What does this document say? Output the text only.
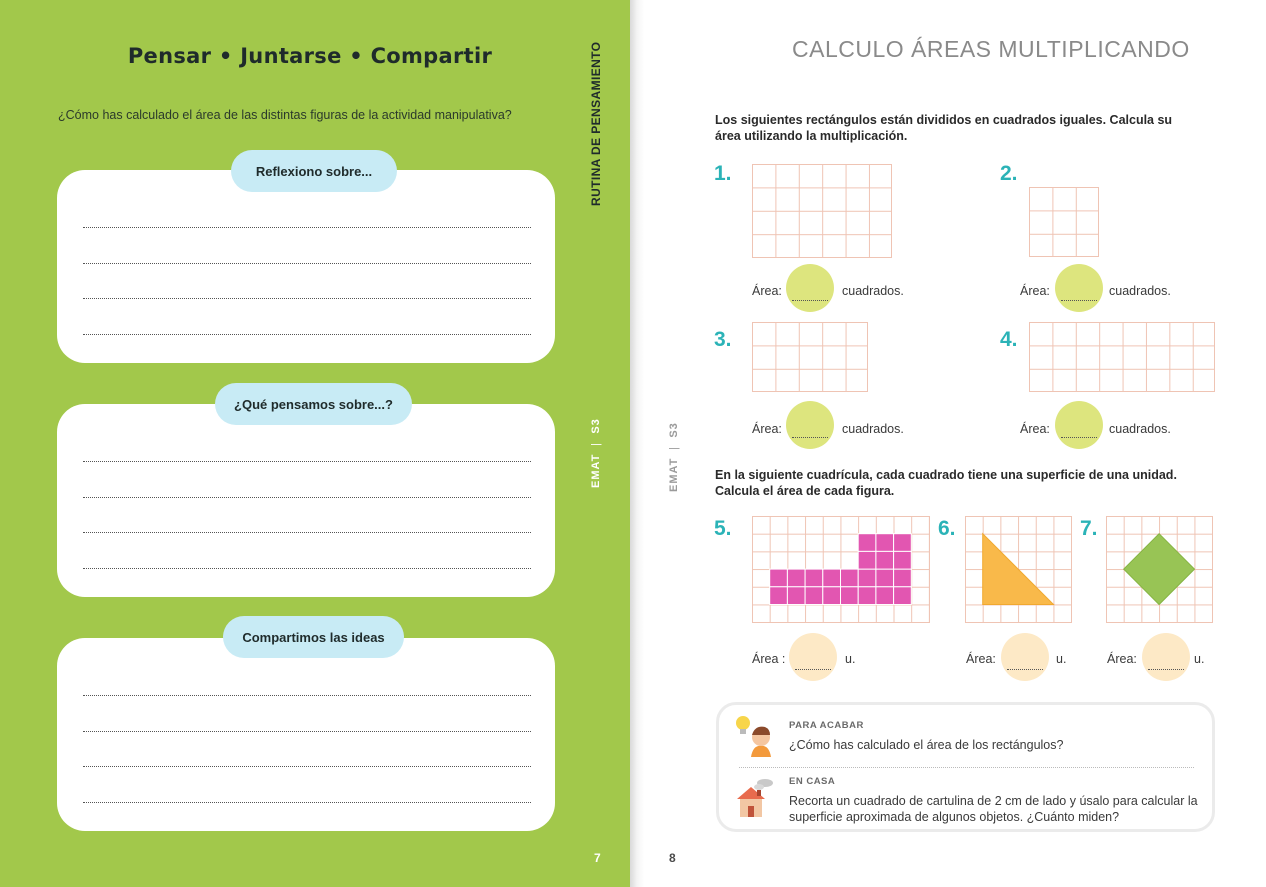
Pensar • Juntarse • Compartir
¿Cómo has calculado el área de las distintas figuras de la actividad manipulativa?	RUTINA DE PENSAMIENTO
EMAT | S3
Reflexiono sobre...
¿Qué pensamos sobre...?
Compartimos las ideas
7
CALCULO ÁREAS MULTIPLICANDO
EMAT | S3
Los siguientes rectángulos están divididos en cuadrados iguales. Calcula su área utilizando la multiplicación.
1.
Área:	cuadrados.
2.
Área:	cuadrados.
3.
Área:	cuadrados.
4.
Área:	cuadrados.
En la siguiente cuadrícula, cada cuadrado tiene una superficie de una unidad. Calcula el área de cada figura.
5.
Área :	u.
6.
Área:	u.
7.
Área:	u.
PARA ACABAR
¿Cómo has calculado el área de los rectángulos?
EN CASA
Recorta un cuadrado de cartulina de 2 cm de lado y úsalo para calcular la superficie aproximada de algunos objetos. ¿Cuánto miden?
8
